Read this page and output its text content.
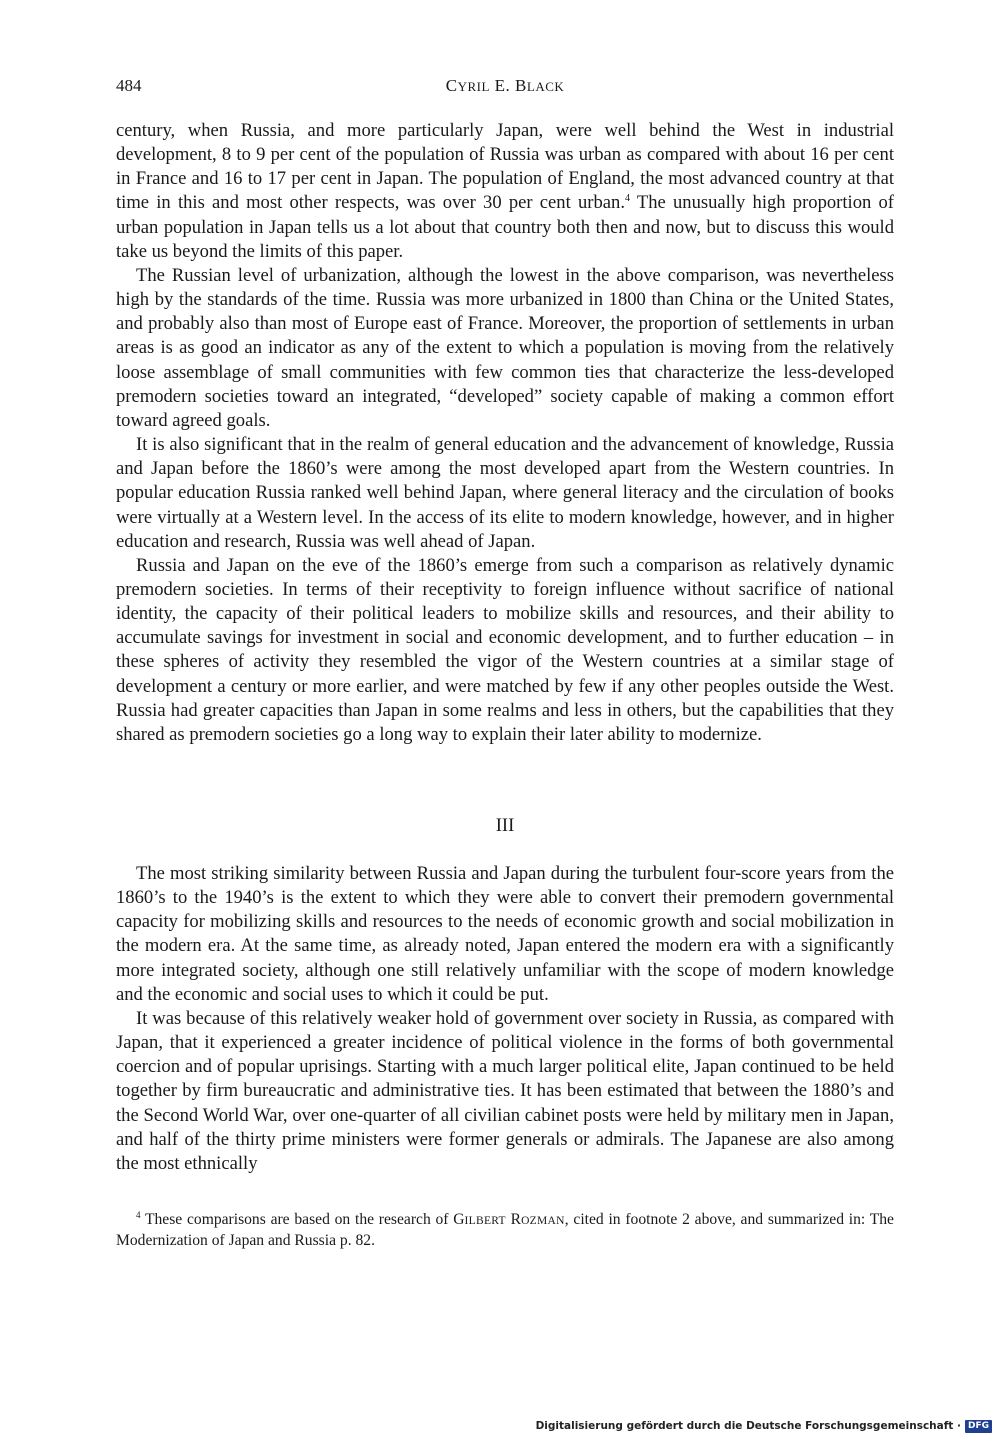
484	CYRIL E. BLACK

century, when Russia, and more particularly Japan, were well behind the West in industrial development, 8 to 9 per cent of the population of Russia was urban as compared with about 16 per cent in France and 16 to 17 per cent in Japan. The population of England, the most advanced country at that time in this and most other respects, was over 30 per cent urban.$^4$ The unusually high proportion of urban population in Japan tells us a lot about that country both then and now, but to discuss this would take us beyond the limits of this paper.

The Russian level of urbanization, although the lowest in the above comparison, was nevertheless high by the standards of the time. Russia was more urbanized in 1800 than China or the United States, and probably also than most of Europe east of France. Moreover, the proportion of settlements in urban areas is as good an indicator as any of the extent to which a population is moving from the relatively loose assemblage of small communities with few common ties that characterize the less-developed premodern societies toward an integrated, “developed” society capable of making a common effort toward agreed goals.

It is also significant that in the realm of general education and the advancement of knowledge, Russia and Japan before the 1860’s were among the most developed apart from the Western countries. In popular education Russia ranked well behind Japan, where general literacy and the circulation of books were virtually at a Western level. In the access of its elite to modern knowledge, however, and in higher education and research, Russia was well ahead of Japan.

Russia and Japan on the eve of the 1860’s emerge from such a comparison as relatively dynamic premodern societies. In terms of their receptivity to foreign influence without sacrifice of national identity, the capacity of their political leaders to mobilize skills and resources, and their ability to accumulate savings for investment in social and economic development, and to further education – in these spheres of activity they resembled the vigor of the Western countries at a similar stage of development a century or more earlier, and were matched by few if any other peoples outside the West. Russia had greater capacities than Japan in some realms and less in others, but the capabilities that they shared as premodern societies go a long way to explain their later ability to modernize.

III

The most striking similarity between Russia and Japan during the turbulent four-score years from the 1860’s to the 1940’s is the extent to which they were able to convert their premodern governmental capacity for mobilizing skills and resources to the needs of economic growth and social mobilization in the modern era. At the same time, as already noted, Japan entered the modern era with a significantly more integrated society, although one still relatively unfamiliar with the scope of modern knowledge and the economic and social uses to which it could be put.

It was because of this relatively weaker hold of government over society in Russia, as compared with Japan, that it experienced a greater incidence of political violence in the forms of both governmental coercion and of popular uprisings. Starting with a much larger political elite, Japan continued to be held together by firm bureaucratic and administrative ties. It has been estimated that between the 1880’s and the Second World War, over one-quarter of all civilian cabinet posts were held by military men in Japan, and half of the thirty prime ministers were former generals or admirals. The Japanese are also among the most ethnically

$^4$ These comparisons are based on the research of GILBERT ROZMAN, cited in footnote 2 above, and summarized in: The Modernization of Japan and Russia p. 82.
Digitalisierung gefördert durch die Deutsche Forschungsgemeinschaft · DFG
